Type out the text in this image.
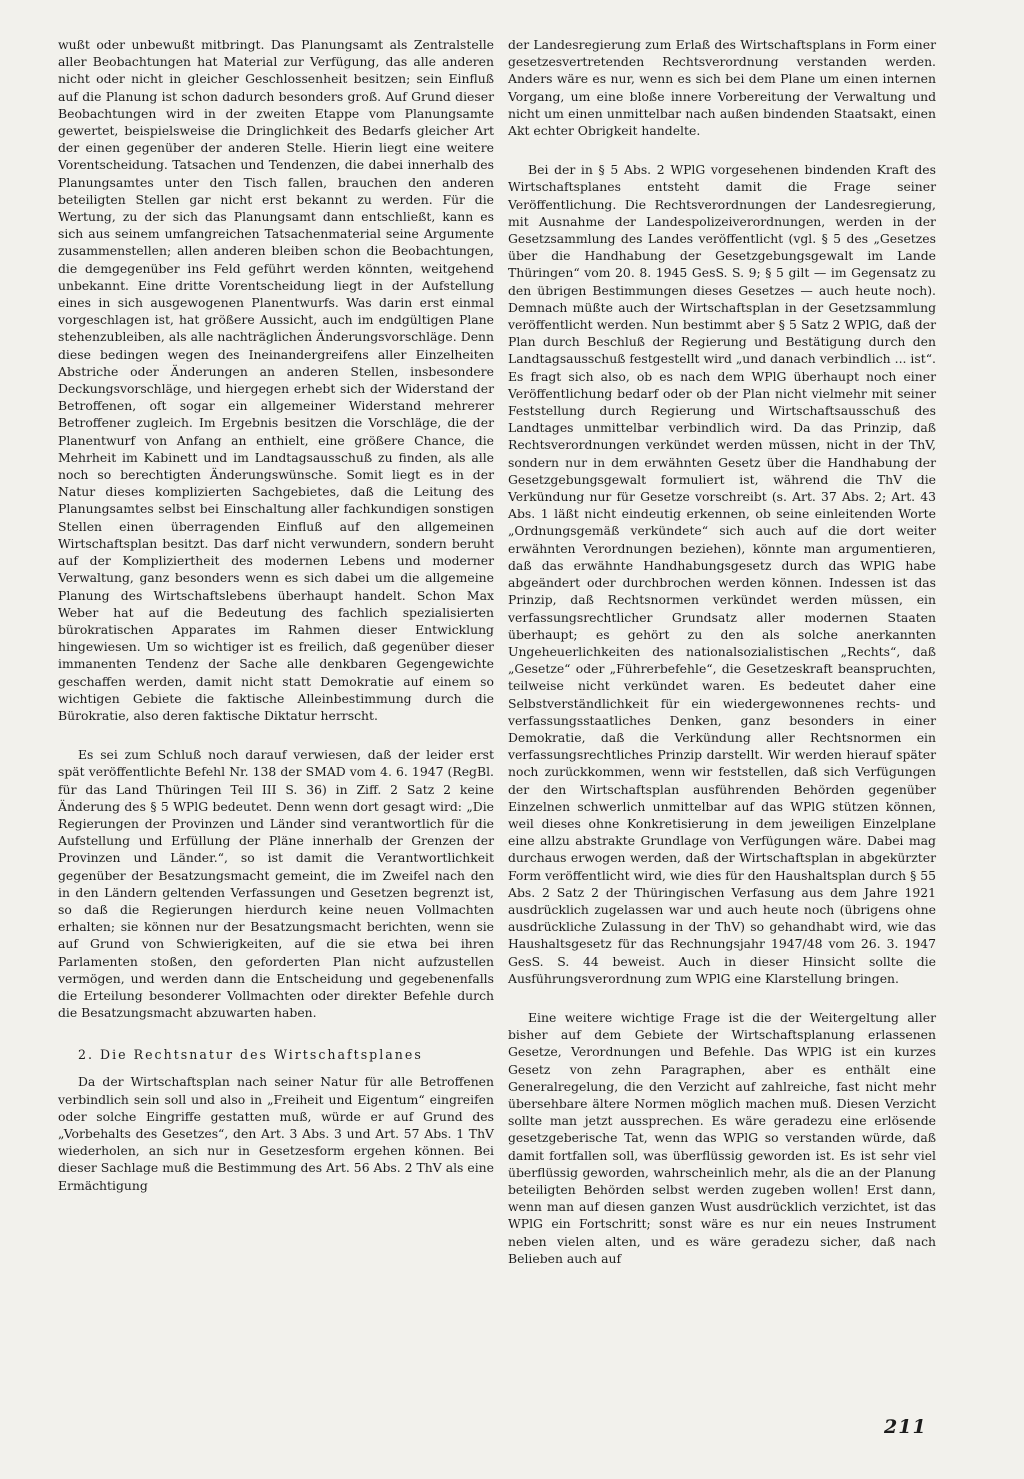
wußt oder unbewußt mitbringt. Das Planungsamt als Zentralstelle aller Beobachtungen hat Material zur Verfügung, das alle anderen nicht oder nicht in gleicher Geschlossenheit besitzen; sein Einfluß auf die Planung ist schon dadurch besonders groß. Auf Grund dieser Beobachtungen wird in der zweiten Etappe vom Planungsamte gewertet, beispielsweise die Dringlichkeit des Bedarfs gleicher Art der einen gegenüber der anderen Stelle. Hierin liegt eine weitere Vorentscheidung. Tatsachen und Tendenzen, die dabei innerhalb des Planungsamtes unter den Tisch fallen, brauchen den anderen beteiligten Stellen gar nicht erst bekannt zu werden. Für die Wertung, zu der sich das Planungsamt dann entschließt, kann es sich aus seinem umfangreichen Tatsachenmaterial seine Argumente zusammenstellen; allen anderen bleiben schon die Beobachtungen, die demgegenüber ins Feld geführt werden könnten, weitgehend unbekannt. Eine dritte Vorentscheidung liegt in der Aufstellung eines in sich ausgewogenen Planentwurfs. Was darin erst einmal vorgeschlagen ist, hat größere Aussicht, auch im endgültigen Plane stehenzubleiben, als alle nachträglichen Änderungsvorschläge. Denn diese bedingen wegen des Ineinandergreifens aller Einzelheiten Abstriche oder Änderungen an anderen Stellen, insbesondere Deckungsvorschläge, und hiergegen erhebt sich der Widerstand der Betroffenen, oft sogar ein allgemeiner Widerstand mehrerer Betroffener zugleich. Im Ergebnis besitzen die Vorschläge, die der Planentwurf von Anfang an enthielt, eine größere Chance, die Mehrheit im Kabinett und im Landtagsausschuß zu finden, als alle noch so berechtigten Änderungswünsche. Somit liegt es in der Natur dieses komplizierten Sachgebietes, daß die Leitung des Planungsamtes selbst bei Einschaltung aller fachkundigen sonstigen Stellen einen überragenden Einfluß auf den allgemeinen Wirtschaftsplan besitzt. Das darf nicht verwundern, sondern beruht auf der Kompliziertheit des modernen Lebens und moderner Verwaltung, ganz besonders wenn es sich dabei um die allgemeine Planung des Wirtschaftslebens überhaupt handelt. Schon Max Weber hat auf die Bedeutung des fachlich spezialisierten bürokratischen Apparates im Rahmen dieser Entwicklung hingewiesen. Um so wichtiger ist es freilich, daß gegenüber dieser immanenten Tendenz der Sache alle denkbaren Gegengewichte geschaffen werden, damit nicht statt Demokratie auf einem so wichtigen Gebiete die faktische Alleinbestimmung durch die Bürokratie, also deren faktische Diktatur herrscht.

Es sei zum Schluß noch darauf verwiesen, daß der leider erst spät veröffentlichte Befehl Nr. 138 der SMAD vom 4. 6. 1947 (RegBl. für das Land Thüringen Teil III S. 36) in Ziff. 2 Satz 2 keine Änderung des § 5 WPlG bedeutet. Denn wenn dort gesagt wird: „Die Regierungen der Provinzen und Länder sind verantwortlich für die Aufstellung und Erfüllung der Pläne innerhalb der Grenzen der Provinzen und Länder.“, so ist damit die Verantwortlichkeit gegenüber der Besatzungsmacht gemeint, die im Zweifel nach den in den Ländern geltenden Verfassungen und Gesetzen begrenzt ist, so daß die Regierungen hierdurch keine neuen Vollmachten erhalten; sie können nur der Besatzungsmacht berichten, wenn sie auf Grund von Schwierigkeiten, auf die sie etwa bei ihren Parlamenten stoßen, den geforderten Plan nicht aufzustellen vermögen, und werden dann die Entscheidung und gegebenenfalls die Erteilung besonderer Vollmachten oder direkter Befehle durch die Besatzungsmacht abzuwarten haben.

2. Die Rechtsnatur des Wirtschaftsplanes

Da der Wirtschaftsplan nach seiner Natur für alle Betroffenen verbindlich sein soll und also in „Freiheit und Eigentum“ eingreifen oder solche Eingriffe gestatten muß, würde er auf Grund des „Vorbehalts des Gesetzes“, den Art. 3 Abs. 3 und Art. 57 Abs. 1 ThV wiederholen, an sich nur in Gesetzesform ergehen können. Bei dieser Sachlage muß die Bestimmung des Art. 56 Abs. 2 ThV als eine Ermächtigung

der Landesregierung zum Erlaß des Wirtschaftsplans in Form einer gesetzesvertretenden Rechtsverordnung verstanden werden. Anders wäre es nur, wenn es sich bei dem Plane um einen internen Vorgang, um eine bloße innere Vorbereitung der Verwaltung und nicht um einen unmittelbar nach außen bindenden Staatsakt, einen Akt echter Obrigkeit handelte.

Bei der in § 5 Abs. 2 WPlG vorgesehenen bindenden Kraft des Wirtschaftsplanes entsteht damit die Frage seiner Veröffentlichung. Die Rechtsverordnungen der Landesregierung, mit Ausnahme der Landespolizeiverordnungen, werden in der Gesetzsammlung des Landes veröffentlicht (vgl. § 5 des „Gesetzes über die Handhabung der Gesetzgebungsgewalt im Lande Thüringen“ vom 20. 8. 1945 GesS. S. 9; § 5 gilt — im Gegensatz zu den übrigen Bestimmungen dieses Gesetzes — auch heute noch). Demnach müßte auch der Wirtschaftsplan in der Gesetzsammlung veröffentlicht werden. Nun bestimmt aber § 5 Satz 2 WPlG, daß der Plan durch Beschluß der Regierung und Bestätigung durch den Landtagsausschuß festgestellt wird „und danach verbindlich ... ist“. Es fragt sich also, ob es nach dem WPlG überhaupt noch einer Veröffentlichung bedarf oder ob der Plan nicht vielmehr mit seiner Feststellung durch Regierung und Wirtschaftsausschuß des Landtages unmittelbar verbindlich wird. Da das Prinzip, daß Rechtsverordnungen verkündet werden müssen, nicht in der ThV, sondern nur in dem erwähnten Gesetz über die Handhabung der Gesetzgebungsgewalt formuliert ist, während die ThV die Verkündung nur für Gesetze vorschreibt (s. Art. 37 Abs. 2; Art. 43 Abs. 1 läßt nicht eindeutig erkennen, ob seine einleitenden Worte „Ordnungsgemäß verkündete“ sich auch auf die dort weiter erwähnten Verordnungen beziehen), könnte man argumentieren, daß das erwähnte Handhabungsgesetz durch das WPlG habe abgeändert oder durchbrochen werden können. Indessen ist das Prinzip, daß Rechtsnormen verkündet werden müssen, ein verfassungsrechtlicher Grundsatz aller modernen Staaten überhaupt; es gehört zu den als solche anerkannten Ungeheuerlichkeiten des nationalsozialistischen „Rechts“, daß „Gesetze“ oder „Führerbefehle“, die Gesetzeskraft beanspruchten, teilweise nicht verkündet waren. Es bedeutet daher eine Selbstverständlichkeit für ein wiedergewonnenes rechts- und verfassungsstaatliches Denken, ganz besonders in einer Demokratie, daß die Verkündung aller Rechtsnormen ein verfassungsrechtliches Prinzip darstellt. Wir werden hierauf später noch zurückkommen, wenn wir feststellen, daß sich Verfügungen der den Wirtschaftsplan ausführenden Behörden gegenüber Einzelnen schwerlich unmittelbar auf das WPlG stützen können, weil dieses ohne Konkretisierung in dem jeweiligen Einzelplane eine allzu abstrakte Grundlage von Verfügungen wäre. Dabei mag durchaus erwogen werden, daß der Wirtschaftsplan in abgekürzter Form veröffentlicht wird, wie dies für den Haushaltsplan durch § 55 Abs. 2 Satz 2 der Thüringischen Verfasung aus dem Jahre 1921 ausdrücklich zugelassen war und auch heute noch (übrigens ohne ausdrückliche Zulassung in der ThV) so gehandhabt wird, wie das Haushaltsgesetz für das Rechnungsjahr 1947/48 vom 26. 3. 1947 GesS. S. 44 beweist. Auch in dieser Hinsicht sollte die Ausführungsverordnung zum WPlG eine Klarstellung bringen.

Eine weitere wichtige Frage ist die der Weitergeltung aller bisher auf dem Gebiete der Wirtschaftsplanung erlassenen Gesetze, Verordnungen und Befehle. Das WPlG ist ein kurzes Gesetz von zehn Paragraphen, aber es enthält eine Generalregelung, die den Verzicht auf zahlreiche, fast nicht mehr übersehbare ältere Normen möglich machen muß. Diesen Verzicht sollte man jetzt aussprechen. Es wäre geradezu eine erlösende gesetzgeberische Tat, wenn das WPlG so verstanden würde, daß damit fortfallen soll, was überflüssig geworden ist. Es ist sehr viel überflüssig geworden, wahrscheinlich mehr, als die an der Planung beteiligten Behörden selbst werden zugeben wollen! Erst dann, wenn man auf diesen ganzen Wust ausdrücklich verzichtet, ist das WPlG ein Fortschritt; sonst wäre es nur ein neues Instrument neben vielen alten, und es wäre geradezu sicher, daß nach Belieben auch auf

211
